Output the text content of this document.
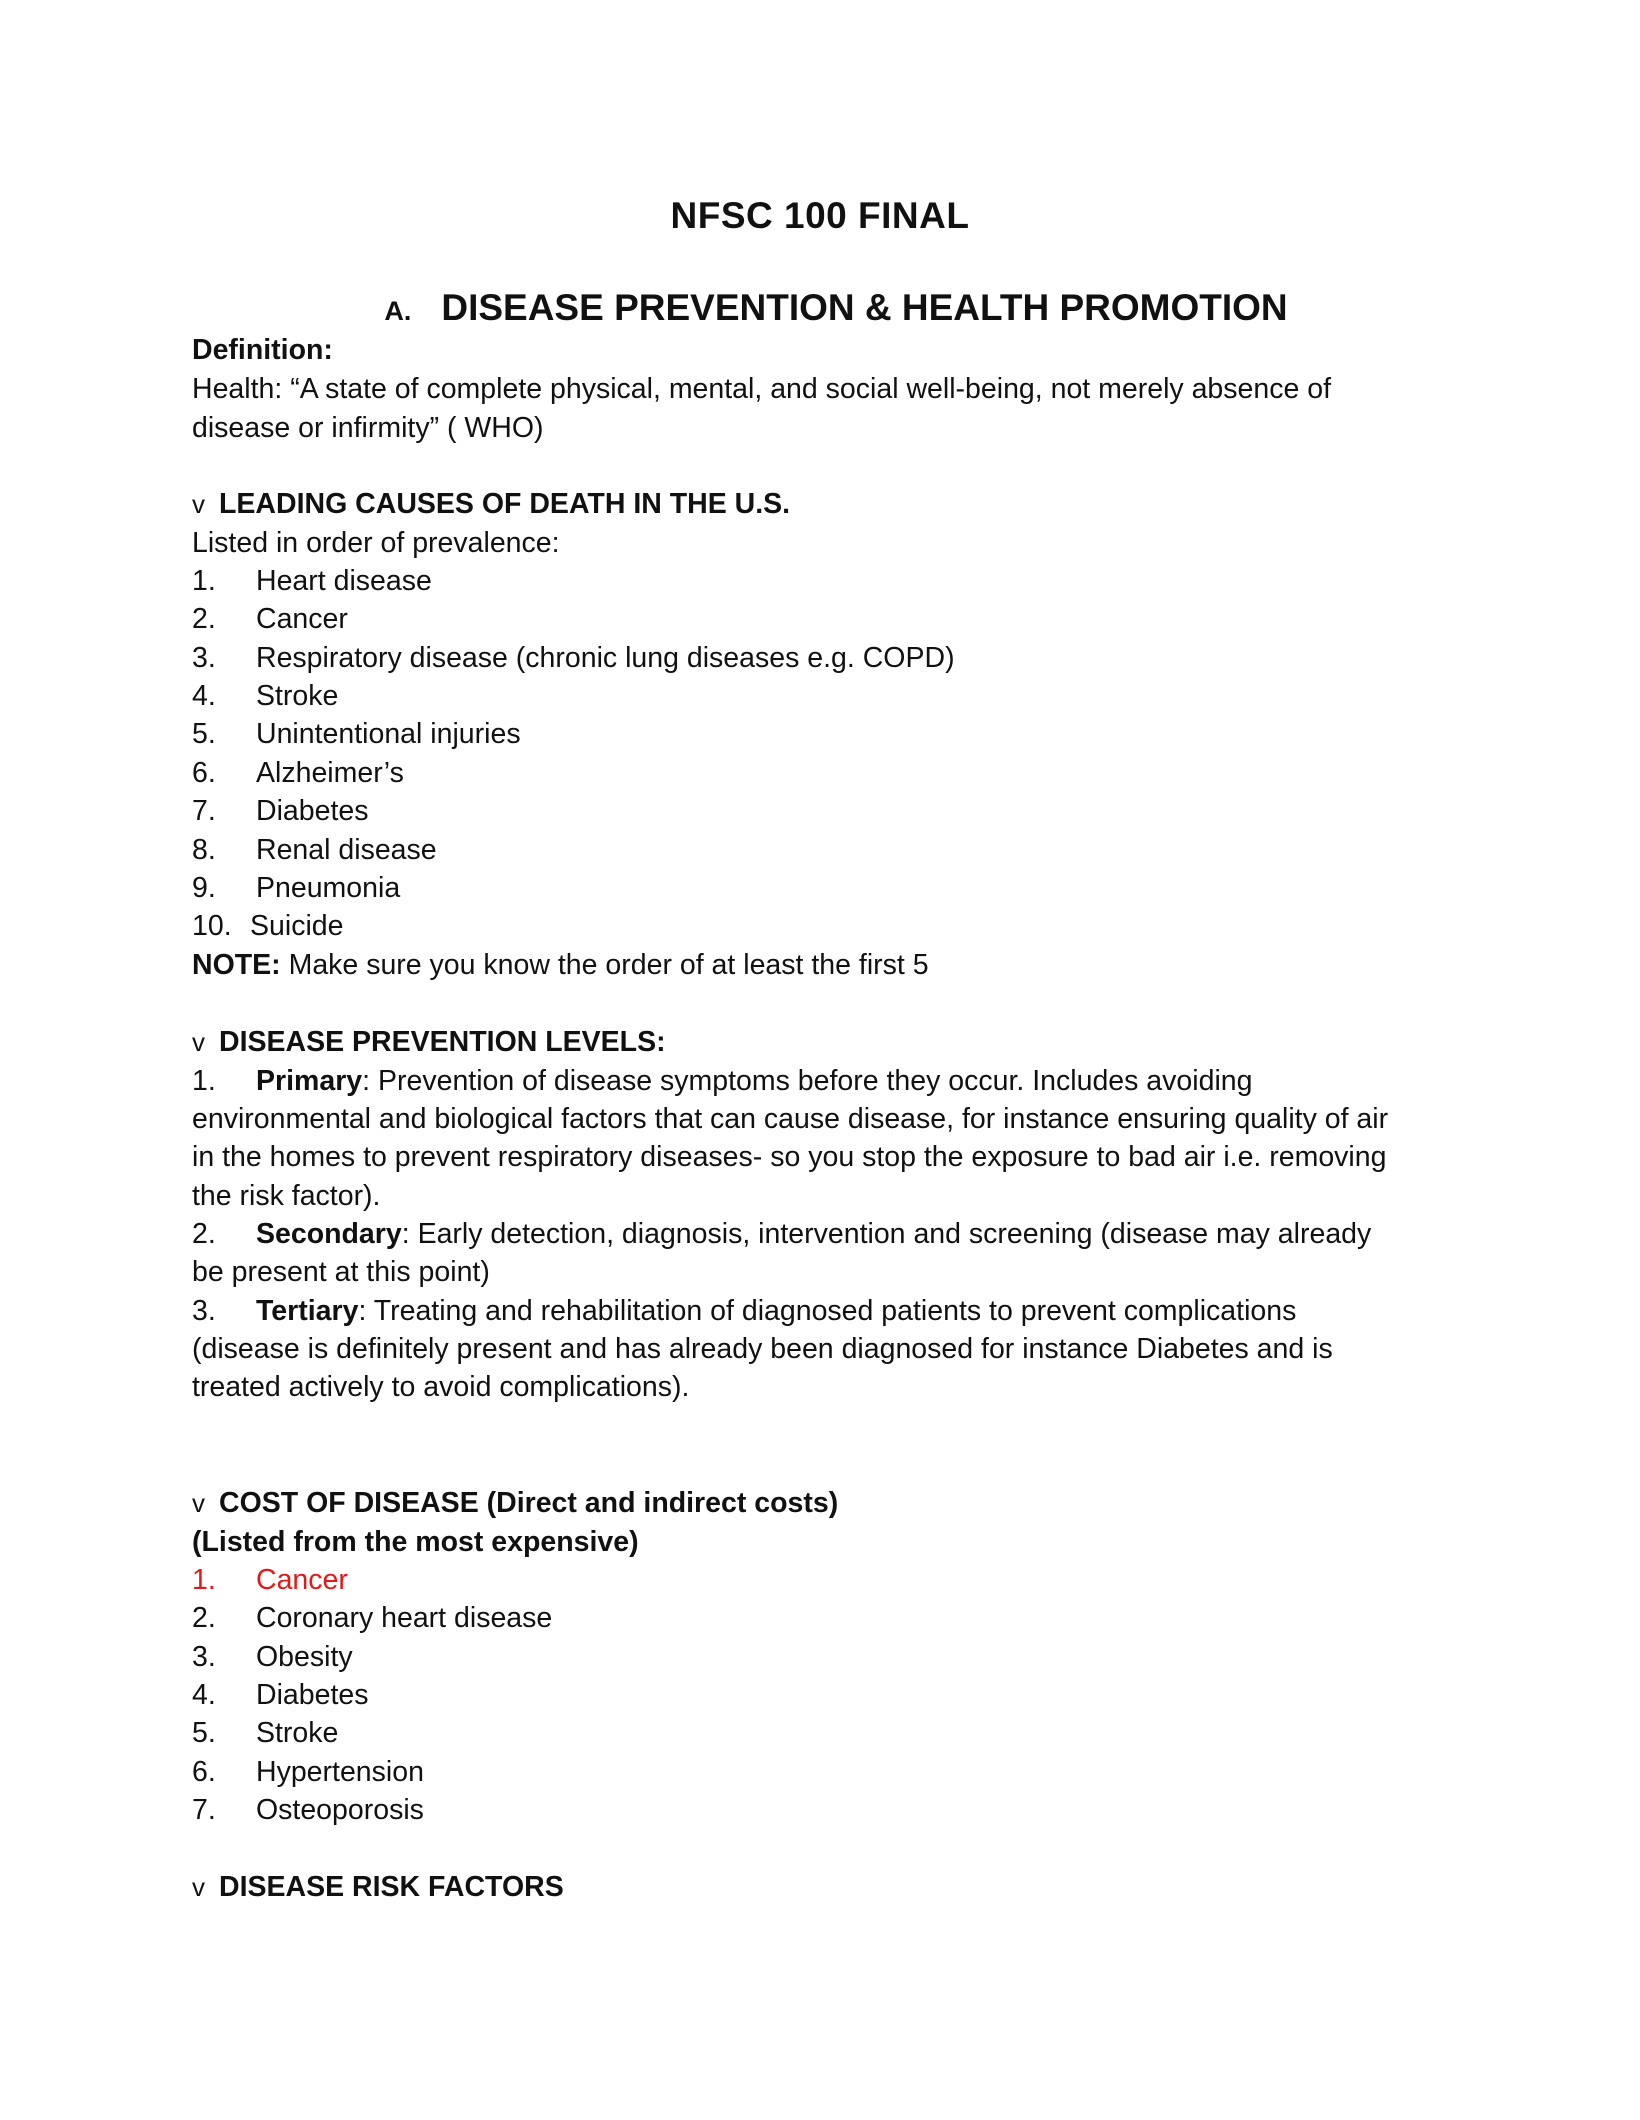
NFSC 100 FINAL
A. DISEASE PREVENTION & HEALTH PROMOTION
Definition:
Health: “A state of complete physical, mental, and social well-being, not merely absence of
disease or infirmity” ( WHO)
v LEADING CAUSES OF DEATH IN THE U.S.
Listed in order of prevalence:
1. Heart disease
2. Cancer
3. Respiratory disease (chronic lung diseases e.g. COPD)
4. Stroke
5. Unintentional injuries
6. Alzheimer’s
7. Diabetes
8. Renal disease
9. Pneumonia
10. Suicide
NOTE: Make sure you know the order of at least the first 5
v DISEASE PREVENTION LEVELS:
1. Primary: Prevention of disease symptoms before they occur. Includes avoiding
environmental and biological factors that can cause disease, for instance ensuring quality of air
in the homes to prevent respiratory diseases- so you stop the exposure to bad air i.e. removing
the risk factor).
2. Secondary: Early detection, diagnosis, intervention and screening (disease may already
be present at this point)
3. Tertiary: Treating and rehabilitation of diagnosed patients to prevent complications
(disease is definitely present and has already been diagnosed for instance Diabetes and is
treated actively to avoid complications).
v COST OF DISEASE (Direct and indirect costs)
(Listed from the most expensive)
1. Cancer
2. Coronary heart disease
3. Obesity
4. Diabetes
5. Stroke
6. Hypertension
7. Osteoporosis
v DISEASE RISK FACTORS
